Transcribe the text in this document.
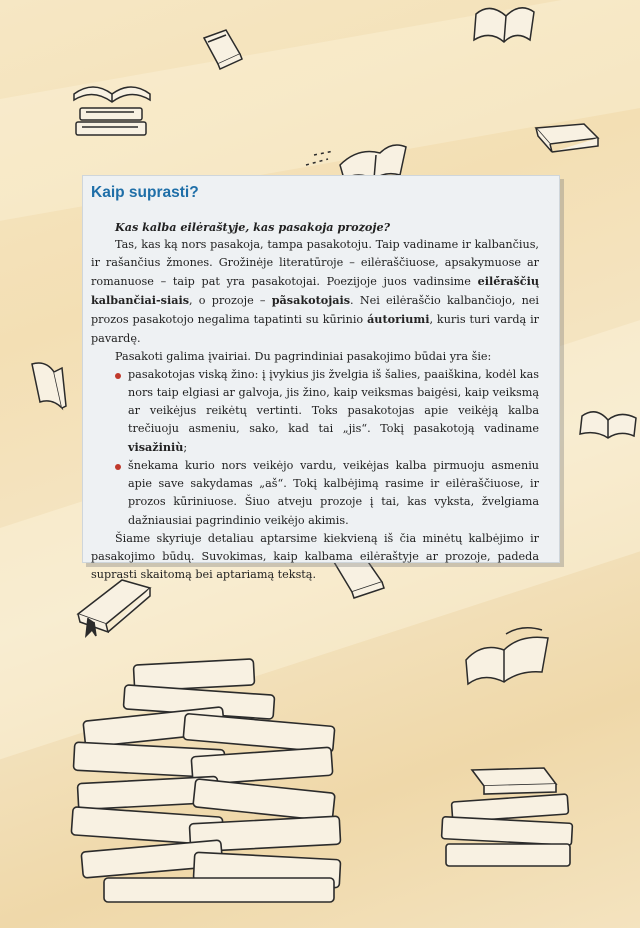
Kaip suprasti?

Kas kalba eilėraštyje, kas pasakoja prozoje?

Tas, kas ką nors pasakoja, tampa pasakotoju. Taip vadiname ir kalbančius, ir rašančius žmones. Grožinėje literatūroje – eilėraščiuose, apsakymuose ar romanuose – taip pat yra pasakotojai. Poezijoje juos vadinsime eilė́raščių kalbančiai-siais, o prozoje – pãsakotojais. Nei eilėraščio kalbančiojo, nei prozos pasakotojo negalima tapatinti su kūrinio áutoriumi, kuris turi vardą ir pavardę.

Pasakoti galima įvairiai. Du pagrindiniai pasakojimo būdai yra šie:

pasakotojas viską žino: į įvykius jis žvelgia iš šalies, paaiškina, kodėl kas nors taip elgiasi ar galvoja, jis žino, kaip veiksmas baigėsi, kaip veiksmą ar veikėjus reikėtų vertinti. Toks pasakotojas apie veikėją kalba trečiuoju asmeniu, sako, kad tai „jis“. Tokį pasakotoją vadiname visažiniù;
šnekama kurio nors veikėjo vardu, veikėjas kalba pirmuoju asmeniu apie save sakydamas „aš“. Tokį kalbėjimą rasime ir eilėraščiuose, ir prozos kūriniuose. Šiuo atveju prozoje į tai, kas vyksta, žvelgiama dažniausiai pagrindinio veikėjo akimis.

Šiame skyriuje detaliau aptarsime kiekvieną iš čia minėtų kalbėjimo ir pasakojimo būdų. Suvokimas, kaip kalbama eilėraštyje ar prozoje, padeda suprasti skaitomą bei aptariamą tekstą.
